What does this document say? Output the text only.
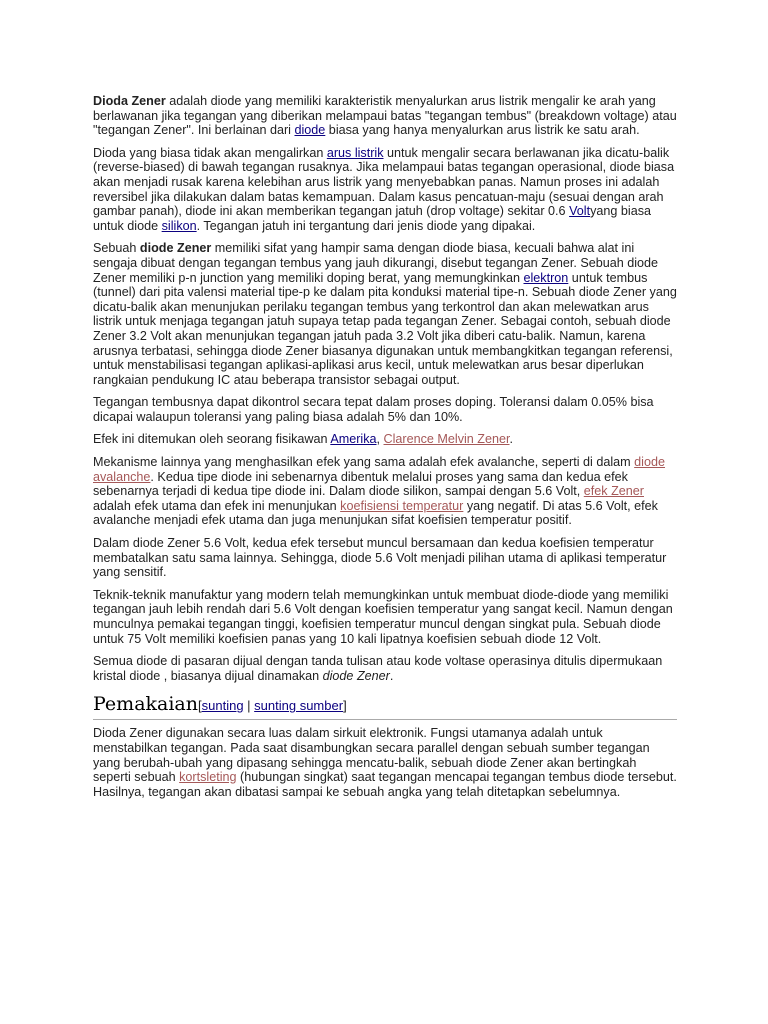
Dioda Zener adalah diode yang memiliki karakteristik menyalurkan arus listrik mengalir ke arah yang berlawanan jika tegangan yang diberikan melampaui batas "tegangan tembus" (breakdown voltage) atau "tegangan Zener". Ini berlainan dari diode biasa yang hanya menyalurkan arus listrik ke satu arah.

Dioda yang biasa tidak akan mengalirkan arus listrik untuk mengalir secara berlawanan jika dicatu-balik (reverse-biased) di bawah tegangan rusaknya. Jika melampaui batas tegangan operasional, diode biasa akan menjadi rusak karena kelebihan arus listrik yang menyebabkan panas. Namun proses ini adalah reversibel jika dilakukan dalam batas kemampuan. Dalam kasus pencatuan-maju (sesuai dengan arah gambar panah), diode ini akan memberikan tegangan jatuh (drop voltage) sekitar 0.6 Voltyang biasa untuk diode silikon. Tegangan jatuh ini tergantung dari jenis diode yang dipakai.

Sebuah diode Zener memiliki sifat yang hampir sama dengan diode biasa, kecuali bahwa alat ini sengaja dibuat dengan tegangan tembus yang jauh dikurangi, disebut tegangan Zener. Sebuah diode Zener memiliki p-n junction yang memiliki doping berat, yang memungkinkan elektron untuk tembus (tunnel) dari pita valensi material tipe-p ke dalam pita konduksi material tipe-n. Sebuah diode Zener yang dicatu-balik akan menunjukan perilaku tegangan tembus yang terkontrol dan akan melewatkan arus listrik untuk menjaga tegangan jatuh supaya tetap pada tegangan Zener. Sebagai contoh, sebuah diode Zener 3.2 Volt akan menunjukan tegangan jatuh pada 3.2 Volt jika diberi catu-balik. Namun, karena arusnya terbatasi, sehingga diode Zener biasanya digunakan untuk membangkitkan tegangan referensi, untuk menstabilisasi tegangan aplikasi-aplikasi arus kecil, untuk melewatkan arus besar diperlukan rangkaian pendukung IC atau beberapa transistor sebagai output.

Tegangan tembusnya dapat dikontrol secara tepat dalam proses doping. Toleransi dalam 0.05% bisa dicapai walaupun toleransi yang paling biasa adalah 5% dan 10%.

Efek ini ditemukan oleh seorang fisikawan Amerika, Clarence Melvin Zener.

Mekanisme lainnya yang menghasilkan efek yang sama adalah efek avalanche, seperti di dalam diode avalanche. Kedua tipe diode ini sebenarnya dibentuk melalui proses yang sama dan kedua efek sebenarnya terjadi di kedua tipe diode ini. Dalam diode silikon, sampai dengan 5.6 Volt, efek Zener adalah efek utama dan efek ini menunjukan koefisiensi temperatur yang negatif. Di atas 5.6 Volt, efek avalanche menjadi efek utama dan juga menunjukan sifat koefisien temperatur positif.

Dalam diode Zener 5.6 Volt, kedua efek tersebut muncul bersamaan dan kedua koefisien temperatur membatalkan satu sama lainnya. Sehingga, diode 5.6 Volt menjadi pilihan utama di aplikasi temperatur yang sensitif.

Teknik-teknik manufaktur yang modern telah memungkinkan untuk membuat diode-diode yang memiliki tegangan jauh lebih rendah dari 5.6 Volt dengan koefisien temperatur yang sangat kecil. Namun dengan munculnya pemakai tegangan tinggi, koefisien temperatur muncul dengan singkat pula. Sebuah diode untuk 75 Volt memiliki koefisien panas yang 10 kali lipatnya koefisien sebuah diode 12 Volt.

Semua diode di pasaran dijual dengan tanda tulisan atau kode voltase operasinya ditulis dipermukaan kristal diode , biasanya dijual dinamakan diode Zener.

Pemakaian[sunting | sunting sumber]

Dioda Zener digunakan secara luas dalam sirkuit elektronik. Fungsi utamanya adalah untuk menstabilkan tegangan. Pada saat disambungkan secara parallel dengan sebuah sumber tegangan yang berubah-ubah yang dipasang sehingga mencatu-balik, sebuah diode Zener akan bertingkah seperti sebuah kortsleting (hubungan singkat) saat tegangan mencapai tegangan tembus diode tersebut. Hasilnya, tegangan akan dibatasi sampai ke sebuah angka yang telah ditetapkan sebelumnya.
